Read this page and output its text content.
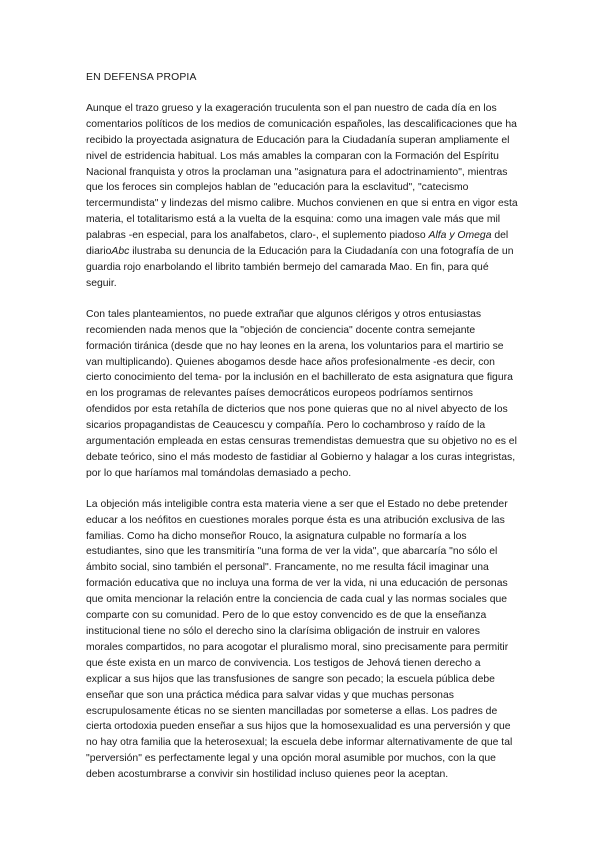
EN DEFENSA PROPIA

Aunque el trazo grueso y la exageración truculenta son el pan nuestro de cada día en los comentarios políticos de los medios de comunicación españoles, las descalificaciones que ha recibido la proyectada asignatura de Educación para la Ciudadanía superan ampliamente el nivel de estridencia habitual. Los más amables la comparan con la Formación del Espíritu Nacional franquista y otros la proclaman una "asignatura para el adoctrinamiento", mientras que los feroces sin complejos hablan de "educación para la esclavitud", "catecismo tercermundista" y lindezas del mismo calibre. Muchos convienen en que si entra en vigor esta materia, el totalitarismo está a la vuelta de la esquina: como una imagen vale más que mil palabras -en especial, para los analfabetos, claro-, el suplemento piadoso Alfa y Omega del diarioAbc ilustraba su denuncia de la Educación para la Ciudadanía con una fotografía de un guardia rojo enarbolando el librito también bermejo del camarada Mao. En fin, para qué seguir.

Con tales planteamientos, no puede extrañar que algunos clérigos y otros entusiastas recomienden nada menos que la "objeción de conciencia" docente contra semejante formación tiránica (desde que no hay leones en la arena, los voluntarios para el martirio se van multiplicando). Quienes abogamos desde hace años profesionalmente -es decir, con cierto conocimiento del tema- por la inclusión en el bachillerato de esta asignatura que figura en los programas de relevantes países democráticos europeos podríamos sentirnos ofendidos por esta retahíla de dicterios que nos pone quieras que no al nivel abyecto de los sicarios propagandistas de Ceaucescu y compañía. Pero lo cochambroso y raído de la argumentación empleada en estas censuras tremendistas demuestra que su objetivo no es el debate teórico, sino el más modesto de fastidiar al Gobierno y halagar a los curas integristas, por lo que haríamos mal tomándolas demasiado a pecho.

La objeción más inteligible contra esta materia viene a ser que el Estado no debe pretender educar a los neófitos en cuestiones morales porque ésta es una atribución exclusiva de las familias. Como ha dicho monseñor Rouco, la asignatura culpable no formaría a los estudiantes, sino que les transmitiría "una forma de ver la vida", que abarcaría "no sólo el ámbito social, sino también el personal". Francamente, no me resulta fácil imaginar una formación educativa que no incluya una forma de ver la vida, ni una educación de personas que omita mencionar la relación entre la conciencia de cada cual y las normas sociales que comparte con su comunidad. Pero de lo que estoy convencido es de que la enseñanza institucional tiene no sólo el derecho sino la clarísima obligación de instruir en valores morales compartidos, no para acogotar el pluralismo moral, sino precisamente para permitir que éste exista en un marco de convivencia. Los testigos de Jehová tienen derecho a explicar a sus hijos que las transfusiones de sangre son pecado; la escuela pública debe enseñar que son una práctica médica para salvar vidas y que muchas personas escrupulosamente éticas no se sienten mancilladas por someterse a ellas. Los padres de cierta ortodoxia pueden enseñar a sus hijos que la homosexualidad es una perversión y que no hay otra familia que la heterosexual; la escuela debe informar alternativamente de que tal "perversión" es perfectamente legal y una opción moral asumible por muchos, con la que deben acostumbrarse a convivir sin hostilidad incluso quienes peor la aceptan.
